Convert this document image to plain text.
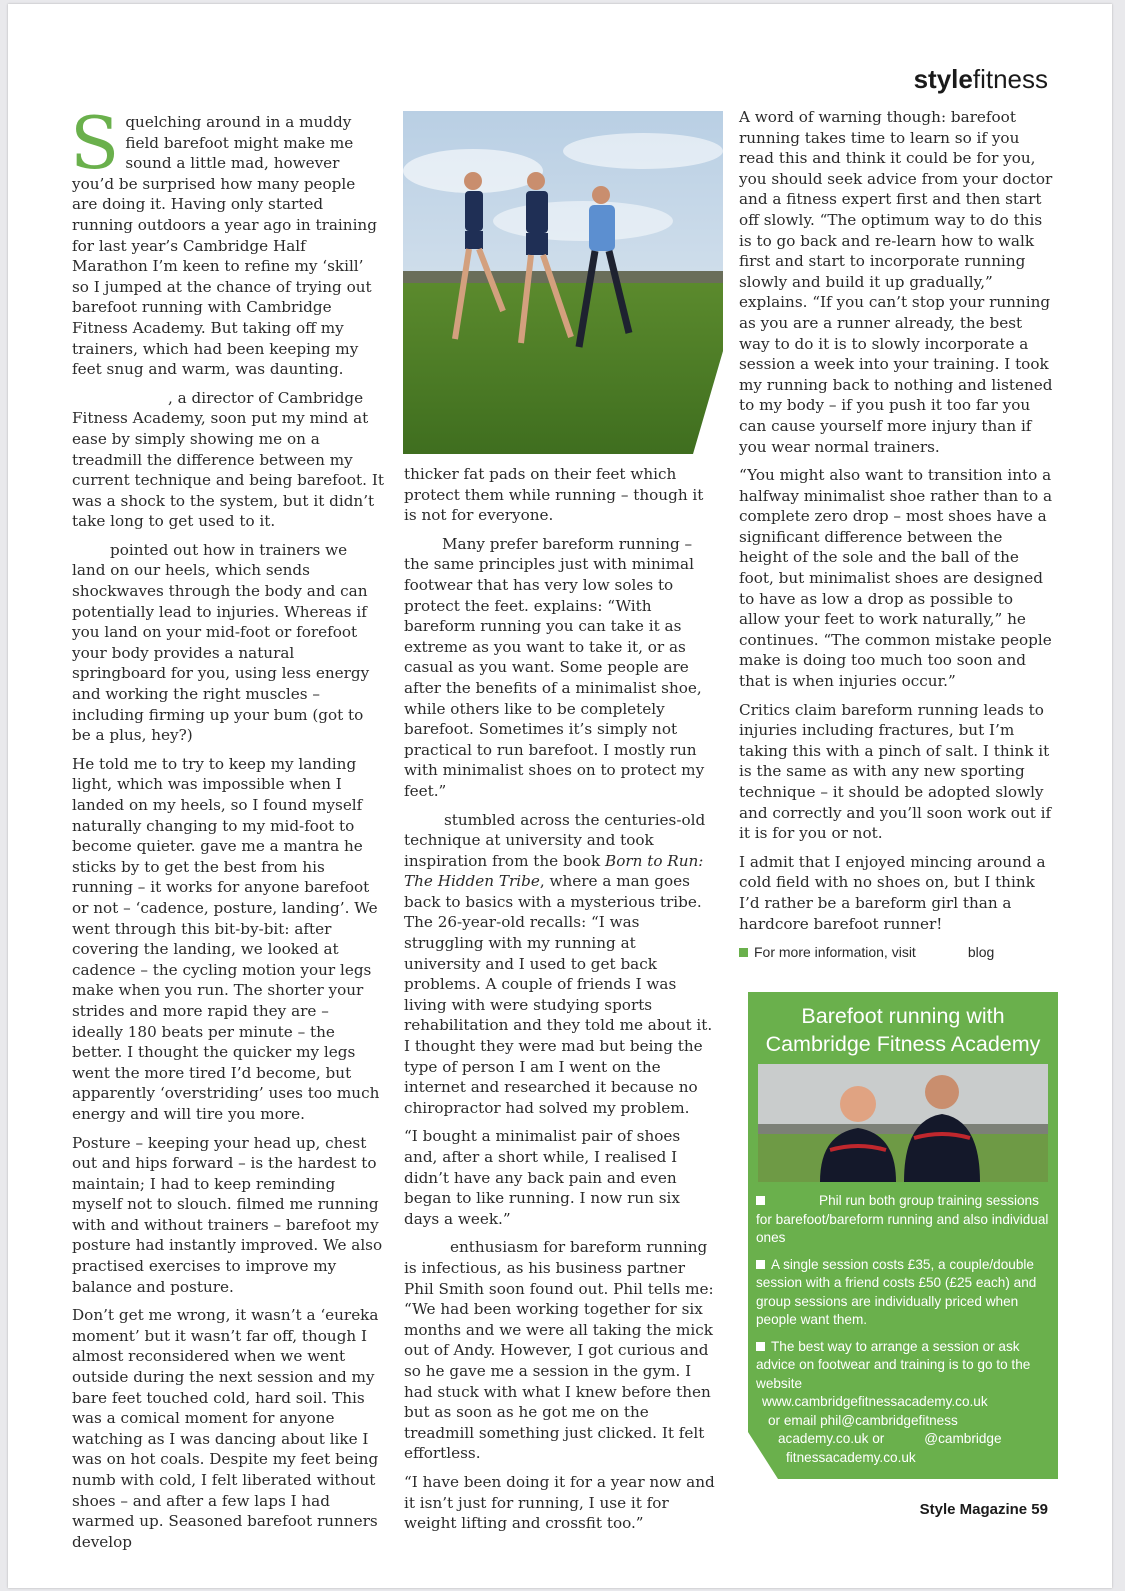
stylefitness

Squelching around in a muddy field barefoot might make me sound a little mad, however you’d be surprised how many people are doing it. Having only started running outdoors a year ago in training for last year’s Cambridge Half Marathon I’m keen to refine my ‘skill’ so I jumped at the chance of trying out barefoot running with Cambridge Fitness Academy. But taking off my trainers, which had been keeping my feet snug and warm, was daunting.

, a director of Cambridge Fitness Academy, soon put my mind at ease by simply showing me on a treadmill the difference between my current technique and being barefoot. It was a shock to the system, but it didn’t take long to get used to it.

pointed out how in trainers we land on our heels, which sends shockwaves through the body and can potentially lead to injuries. Whereas if you land on your mid-foot or forefoot your body provides a natural springboard for you, using less energy and working the right muscles – including firming up your bum (got to be a plus, hey?)

He told me to try to keep my landing light, which was impossible when I landed on my heels, so I found myself naturally changing to my mid-foot to become quieter. gave me a mantra he sticks by to get the best from his running – it works for anyone barefoot or not – ‘cadence, posture, landing’. We went through this bit-by-bit: after covering the landing, we looked at cadence – the cycling motion your legs make when you run. The shorter your strides and more rapid they are – ideally 180 beats per minute – the better. I thought the quicker my legs went the more tired I’d become, but apparently ‘overstriding’ uses too much energy and will tire you more.

Posture – keeping your head up, chest out and hips forward – is the hardest to maintain; I had to keep reminding myself not to slouch. filmed me running with and without trainers – barefoot my posture had instantly improved. We also practised exercises to improve my balance and posture.

Don’t get me wrong, it wasn’t a ‘eureka moment’ but it wasn’t far off, though I almost reconsidered when we went outside during the next session and my bare feet touched cold, hard soil. This was a comical moment for anyone watching as I was dancing about like I was on hot coals. Despite my feet being numb with cold, I felt liberated without shoes – and after a few laps I had warmed up. Seasoned barefoot runners develop

thicker fat pads on their feet which protect them while running – though it is not for everyone.

Many prefer bareform running – the same principles just with minimal footwear that has very low soles to protect the feet. explains: “With bareform running you can take it as extreme as you want to take it, or as casual as you want. Some people are after the benefits of a minimalist shoe, while others like to be completely barefoot. Sometimes it’s simply not practical to run barefoot. I mostly run with minimalist shoes on to protect my feet.”

stumbled across the centuries-old technique at university and took inspiration from the book Born to Run: The Hidden Tribe, where a man goes back to basics with a mysterious tribe. The 26-year-old recalls: “I was struggling with my running at university and I used to get back problems. A couple of friends I was living with were studying sports rehabilitation and they told me about it. I thought they were mad but being the type of person I am I went on the internet and researched it because no chiropractor had solved my problem.

“I bought a minimalist pair of shoes and, after a short while, I realised I didn’t have any back pain and even began to like running. I now run six days a week.”

enthusiasm for bareform running is infectious, as his business partner Phil Smith soon found out. Phil tells me: “We had been working together for six months and we were all taking the mick out of Andy. However, I got curious and so he gave me a session in the gym. I had stuck with what I knew before then but as soon as he got me on the treadmill something just clicked. It felt effortless.

“I have been doing it for a year now and it isn’t just for running, I use it for weight lifting and crossfit too.”

A word of warning though: barefoot running takes time to learn so if you read this and think it could be for you, you should seek advice from your doctor and a fitness expert first and then start off slowly. “The optimum way to do this is to go back and re-learn how to walk first and start to incorporate running slowly and build it up gradually,” explains. “If you can’t stop your running as you are a runner already, the best way to do it is to slowly incorporate a session a week into your training. I took my running back to nothing and listened to my body – if you push it too far you can cause yourself more injury than if you wear normal trainers.

“You might also want to transition into a halfway minimalist shoe rather than to a complete zero drop – most shoes have a significant difference between the height of the sole and the ball of the foot, but minimalist shoes are designed to have as low a drop as possible to allow your feet to work naturally,” he continues. “The common mistake people make is doing too much too soon and that is when injuries occur.”

Critics claim bareform running leads to injuries including fractures, but I’m taking this with a pinch of salt. I think it is the same as with any new sporting technique – it should be adopted slowly and correctly and you’ll soon work out if it is for you or not.

I admit that I enjoyed mincing around a cold field with no shoes on, but I think I’d rather be a bareform girl than a hardcore barefoot runner!

For more information, visit	blog
Barefoot running with
Cambridge Fitness Academy

Phil run both group training sessions for barefoot/bareform running and also individual ones

A single session costs £35, a couple/double session with a friend costs £50 (£25 each) and group sessions are individually priced when people want them.

The best way to arrange a session or ask advice on footwear and training is to go to the website
www.cambridgefitnessacademy.co.uk
or email phil@cambridgefitness
academy.co.uk or	@cambridge
fitnessacademy.co.uk

Style Magazine 59
